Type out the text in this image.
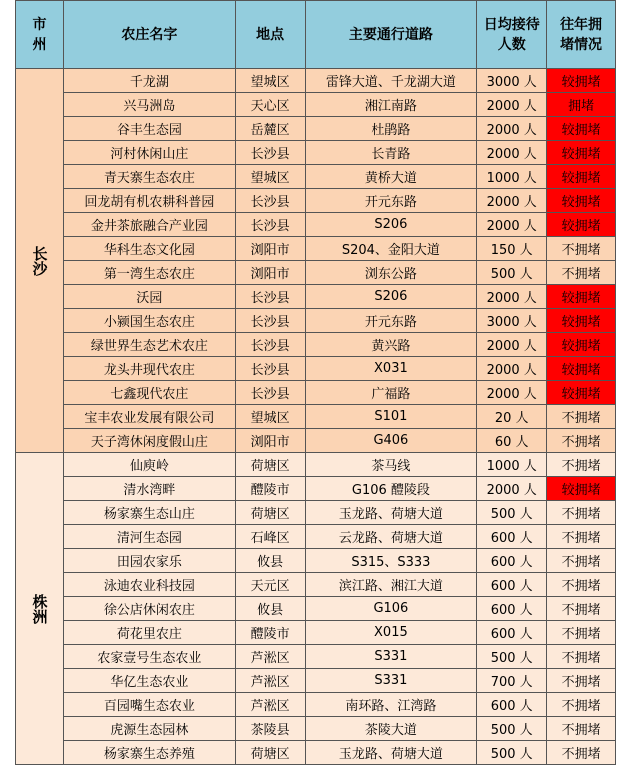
市州	农庄名字	地点	主要通行道路	日均接待人数	往年拥堵情况
长沙	千龙湖	望城区	雷锋大道、千龙湖大道	3000 人	较拥堵
	兴马洲岛	天心区	湘江南路	2000 人	拥堵
	谷丰生态园	岳麓区	杜鹃路	2000 人	较拥堵
	河村休闲山庄	长沙县	长青路	2000 人	较拥堵
	青天寨生态农庄	望城区	黄桥大道	1000 人	较拥堵
	回龙胡有机农耕科普园	长沙县	开元东路	2000 人	较拥堵
	金井茶旅融合产业园	长沙县	S206	2000 人	较拥堵
	华科生态文化园	浏阳市	S204、金阳大道	150 人	不拥堵
	第一湾生态农庄	浏阳市	浏东公路	500 人	不拥堵
	沃园	长沙县	S206	2000 人	较拥堵
	小颍国生态农庄	长沙县	开元东路	3000 人	较拥堵
	绿世界生态艺术农庄	长沙县	黄兴路	2000 人	较拥堵
	龙头井现代农庄	长沙县	X031	2000 人	较拥堵
	七鑫现代农庄	长沙县	广福路	2000 人	较拥堵
	宝丰农业发展有限公司	望城区	S101	20 人	不拥堵
	天子湾休闲度假山庄	浏阳市	G406	60 人	不拥堵
株洲	仙庾岭	荷塘区	茶马线	1000 人	不拥堵
	清水湾畔	醴陵市	G106 醴陵段	2000 人	较拥堵
	杨家寨生态山庄	荷塘区	玉龙路、荷塘大道	500 人	不拥堵
	清河生态园	石峰区	云龙路、荷塘大道	600 人	不拥堵
	田园农家乐	攸县	S315、S333	600 人	不拥堵
	泳迪农业科技园	天元区	滨江路、湘江大道	600 人	不拥堵
	徐公店休闲农庄	攸县	G106	600 人	不拥堵
	荷花里农庄	醴陵市	X015	600 人	不拥堵
	农家壹号生态农业	芦淞区	S331	500 人	不拥堵
	华亿生态农业	芦淞区	S331	700 人	不拥堵
	百园嘴生态农业	芦淞区	南环路、江湾路	600 人	不拥堵
	虎源生态园林	茶陵县	茶陵大道	500 人	不拥堵
	杨家寨生态养殖	荷塘区	玉龙路、荷塘大道	500 人	不拥堵
